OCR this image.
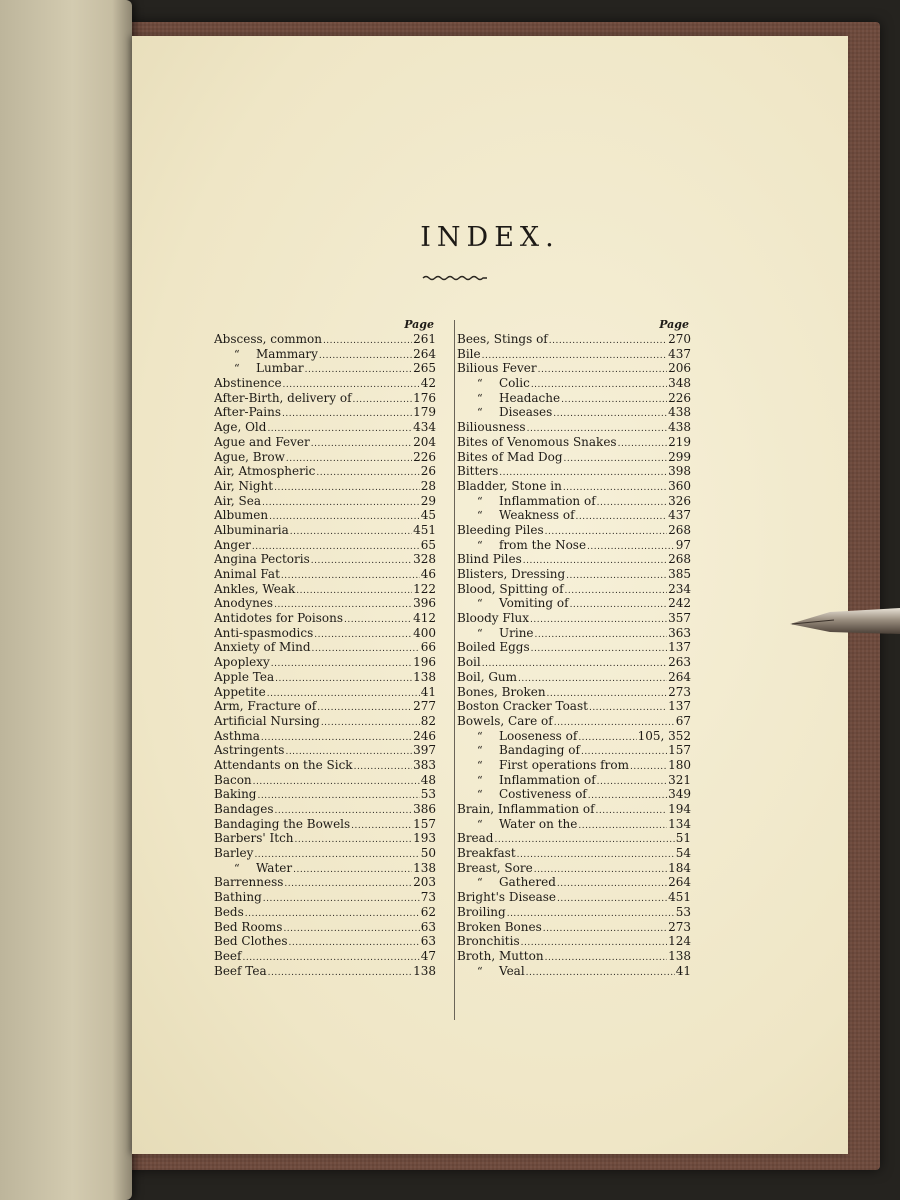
INDEX.
Page
Abscess, common .....	261
“ Mammary .....	264
“ Lumbar .....	265
Abstinence .....	42
After-Birth, delivery of .....	176
After-Pains .....	179
Age, Old .....	434
Ague and Fever .....	204
Ague, Brow .....	226
Air, Atmospheric .....	26
Air, Night .....	28
Air, Sea .....	29
Albumen .....	45
Albuminaria .....	451
Anger .....	65
Angina Pectoris .....	328
Animal Fat .....	46
Ankles, Weak .....	122
Anodynes .....	396
Antidotes for Poisons .....	412
Anti-spasmodics .....	400
Anxiety of Mind .....	66
Apoplexy .....	196
Apple Tea .....	138
Appetite .....	41
Arm, Fracture of .....	277
Artificial Nursing .....	82
Asthma .....	246
Astringents .....	397
Attendants on the Sick .....	383
Bacon .....	48
Baking .....	53
Bandages .....	386
Bandaging the Bowels .....	157
Barbers' Itch .....	193
Barley .....	50
“ Water .....	138
Barrenness .....	203
Bathing .....	73
Beds .....	62
Bed Rooms .....	63
Bed Clothes .....	63
Beef .....	47
Beef Tea .....	138
Page
Bees, Stings of .....	270
Bile .....	437
Bilious Fever .....	206
“ Colic .....	348
“ Headache .....	226
“ Diseases .....	438
Biliousness .....	438
Bites of Venomous Snakes .....	219
Bites of Mad Dog .....	299
Bitters .....	398
Bladder, Stone in .....	360
“ Inflammation of .....	326
“ Weakness of .....	437
Bleeding Piles .....	268
“ from the Nose .....	97
Blind Piles .....	268
Blisters, Dressing .....	385
Blood, Spitting of .....	234
“ Vomiting of .....	242
Bloody Flux .....	357
“ Urine .....	363
Boiled Eggs .....	137
Boil .....	263
Boil, Gum .....	264
Bones, Broken .....	273
Boston Cracker Toast .....	137
Bowels, Care of .....	67
“ Looseness of .....	105, 352
“ Bandaging of .....	157
“ First operations from .....	180
“ Inflammation of .....	321
“ Costiveness of .....	349
Brain, Inflammation of .....	194
“ Water on the .....	134
Bread .....	51
Breakfast .....	54
Breast, Sore .....	184
“ Gathered .....	264
Bright's Disease .....	451
Broiling .....	53
Broken Bones .....	273
Bronchitis .....	124
Broth, Mutton .....	138
“ Veal .....	41
